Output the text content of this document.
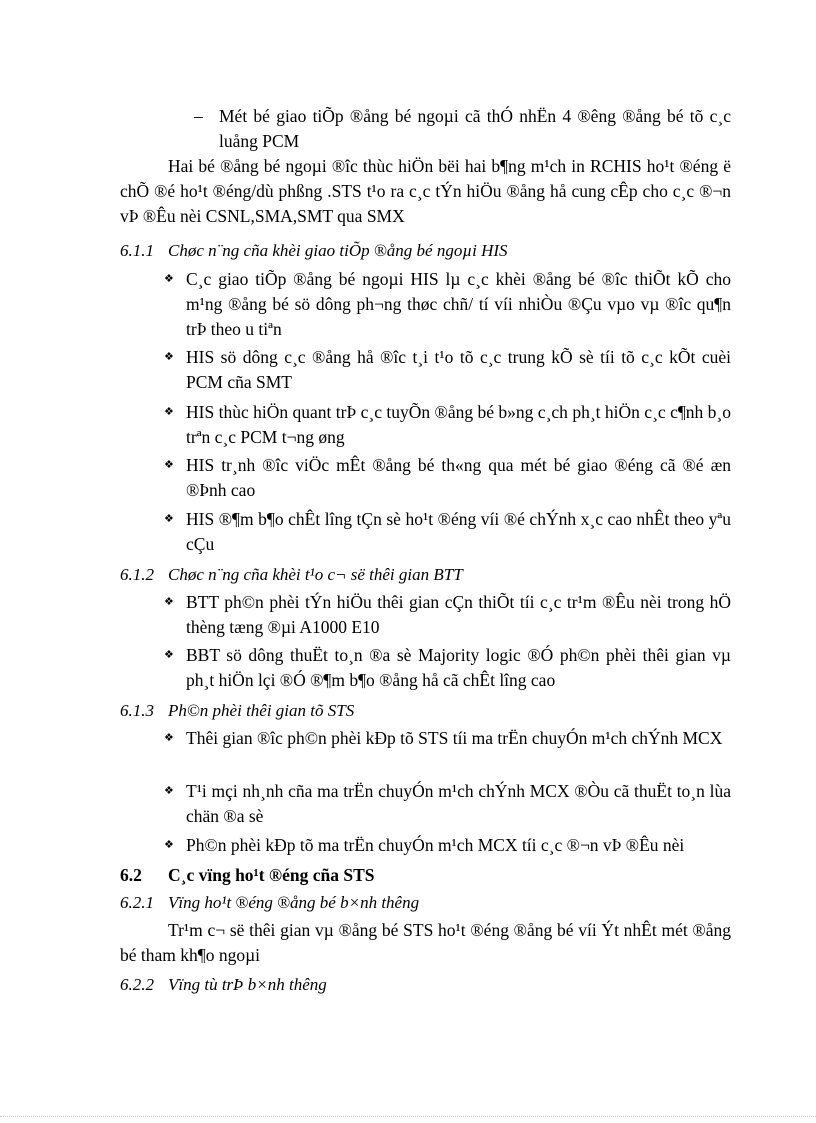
– Mét bé giao tiÕp ®ång bé ngoµi cã thÓ nhËn 4 ®êng ®ång bé tõ c¸c luång PCM
Hai bé ®ång bé ngoµi ®îc thùc hiÖn bëi hai b¶ng m¹ch in RCHIS ho¹t ®éng ë chÕ ®é ho¹t ®éng/dù phßng .STS t¹o ra c¸c tÝn hiÖu ®ång hå cung cÊp cho c¸c ®¬n vÞ ®Êu nèi CSNL,SMA,SMT qua SMX
6.1.1 Chøc n¨ng cña khèi giao tiÕp ®ång bé ngoµi HIS
❖ C¸c giao tiÕp ®ång bé ngoµi HIS lµ c¸c khèi ®ång bé ®îc thiÕt kÕ cho m¹ng ®ång bé sö dông ph¬ng thøc chñ/ tí víi nhiÒu ®Çu vµo vµ ®îc qu¶n trÞ theo u tiªn
❖ HIS sö dông c¸c ®ång hå ®îc t¸i t¹o tõ c¸c trung kÕ sè tíi tõ c¸c kÕt cuèi PCM cña SMT
❖ HIS thùc hiÖn quant trÞ c¸c tuyÕn ®ång bé b»ng c¸ch ph¸t hiÖn c¸c c¶nh b¸o trªn c¸c PCM t¬ng øng
❖ HIS tr¸nh ®îc viÖc mÊt ®ång bé th«ng qua mét bé giao ®éng cã ®é æn ®Þnh cao
❖ HIS ®¶m b¶o chÊt lîng tÇn sè ho¹t ®éng víi ®é chÝnh x¸c cao nhÊt theo yªu cÇu
6.1.2 Chøc n¨ng cña khèi t¹o c¬ së thêi gian BTT
❖ BTT ph©n phèi tÝn hiÖu thêi gian cÇn thiÕt tíi c¸c tr¹m ®Êu nèi trong hÖ thèng tæng ®µi A1000 E10
❖ BBT sö dông thuËt to¸n ®a sè Majority logic ®Ó ph©n phèi thêi gian vµ ph¸t hiÖn lçi ®Ó ®¶m b¶o ®ång hå cã chÊt lîng cao
6.1.3 Ph©n phèi thêi gian tõ STS
❖ Thêi gian ®îc ph©n phèi kÐp tõ STS tíi ma trËn chuyÓn m¹ch chÝnh MCX
❖ T¹i mçi nh¸nh cña ma trËn chuyÓn m¹ch chÝnh MCX ®Òu cã thuËt to¸n lùa chän ®a sè
❖ Ph©n phèi kÐp tõ ma trËn chuyÓn m¹ch MCX tíi c¸c ®¬n vÞ ®Êu nèi
6.2 C¸c vïng ho¹t ®éng cña STS
6.2.1 Vïng ho¹t ®éng ®ång bé b×nh thêng
Tr¹m c¬ së thêi gian vµ ®ång bé STS ho¹t ®éng ®ång bé víi Ýt nhÊt mét ®ång bé tham kh¶o ngoµi
6.2.2 Vïng tù trÞ b×nh thêng
